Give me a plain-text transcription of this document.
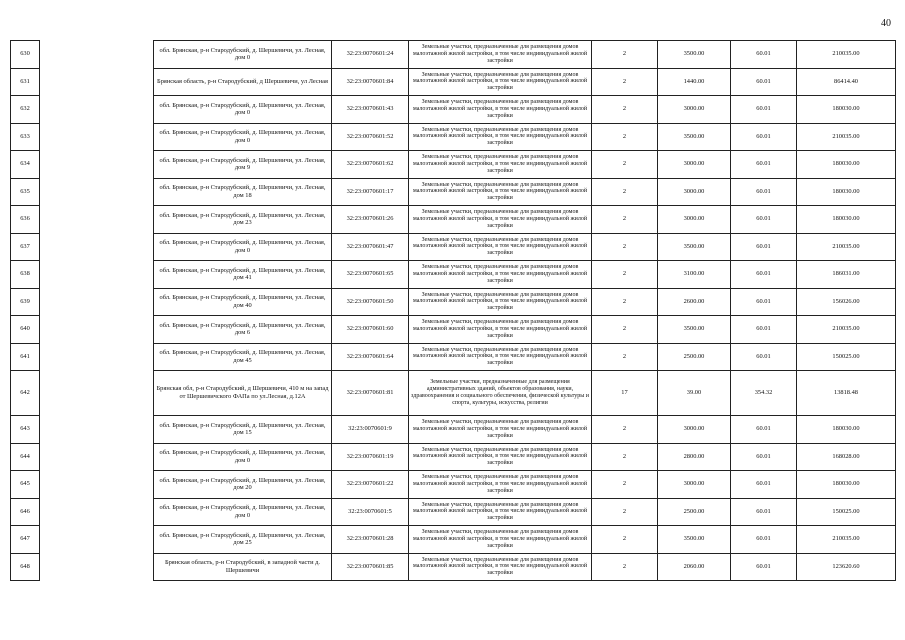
40
630		обл. Брянская, р-н Стародубский, д. Шершевичи, ул. Лесная, дом 0	32:23:0070601:24	Земельные участки, предназначенные для размещения домов малоэтажной жилой застройки, в том числе индивидуальной жилой застройки	2	3500.00	60.01	210035.00
631		Брянская область, р-н Стародубский, д Шершевичи, ул Лесная	32:23:0070601:84	Земельные участки, предназначенные для размещения домов малоэтажной жилой застройки, в том числе индивидуальной жилой застройки	2	1440.00	60.01	86414.40
632		обл. Брянская, р-н Стародубский, д. Шершевичи, ул. Лесная, дом 0	32:23:0070601:43	Земельные участки, предназначенные для размещения домов малоэтажной жилой застройки, в том числе индивидуальной жилой застройки	2	3000.00	60.01	180030.00
633		обл. Брянская, р-н Стародубский, д. Шершевичи, ул. Лесная, дом 0	32:23:0070601:52	Земельные участки, предназначенные для размещения домов малоэтажной жилой застройки, в том числе индивидуальной жилой застройки	2	3500.00	60.01	210035.00
634		обл. Брянская, р-н Стародубский, д. Шершевичи, ул. Лесная, дом 9	32:23:0070601:62	Земельные участки, предназначенные для размещения домов малоэтажной жилой застройки, в том числе индивидуальной жилой застройки	2	3000.00	60.01	180030.00
635		обл. Брянская, р-н Стародубский, д. Шершевичи, ул. Лесная, дом 18	32:23:0070601:17	Земельные участки, предназначенные для размещения домов малоэтажной жилой застройки, в том числе индивидуальной жилой застройки	2	3000.00	60.01	180030.00
636		обл. Брянская, р-н Стародубский, д. Шершевичи, ул. Лесная, дом 23	32:23:0070601:26	Земельные участки, предназначенные для размещения домов малоэтажной жилой застройки, в том числе индивидуальной жилой застройки	2	3000.00	60.01	180030.00
637		обл. Брянская, р-н Стародубский, д. Шершевичи, ул. Лесная, дом 0	32:23:0070601:47	Земельные участки, предназначенные для размещения домов малоэтажной жилой застройки, в том числе индивидуальной жилой застройки	2	3500.00	60.01	210035.00
638		обл. Брянская, р-н Стародубский, д. Шершевичи, ул. Лесная, дом 41	32:23:0070601:65	Земельные участки, предназначенные для размещения домов малоэтажной жилой застройки, в том числе индивидуальной жилой застройки	2	3100.00	60.01	186031.00
639		обл. Брянская, р-н Стародубский, д. Шершевичи, ул. Лесная, дом 40	32:23:0070601:50	Земельные участки, предназначенные для размещения домов малоэтажной жилой застройки, в том числе индивидуальной жилой застройки	2	2600.00	60.01	156026.00
640		обл. Брянская, р-н Стародубский, д. Шершевичи, ул. Лесная, дом 6	32:23:0070601:60	Земельные участки, предназначенные для размещения домов малоэтажной жилой застройки, в том числе индивидуальной жилой застройки	2	3500.00	60.01	210035.00
641		обл. Брянская, р-н Стародубский, д. Шершевичи, ул. Лесная, дом 45	32:23:0070601:64	Земельные участки, предназначенные для размещения домов малоэтажной жилой застройки, в том числе индивидуальной жилой застройки	2	2500.00	60.01	150025.00
642		Брянская обл, р-н Стародубский, д Шершевичи, 410 м на запад от Шершевичского ФАПа по ул.Лесная, д.12А	32:23:0070601:81	Земельные участки, предназначенные для размещения административных зданий, объектов образования, науки, здравоохранения и социального обеспечения, физической культуры и спорта, культуры, искусства, религии	17	39.00	354.32	13818.48
643		обл. Брянская, р-н Стародубский, д. Шершевичи, ул. Лесная, дом 15	32:23:0070601:9	Земельные участки, предназначенные для размещения домов малоэтажной жилой застройки, в том числе индивидуальной жилой застройки	2	3000.00	60.01	180030.00
644		обл. Брянская, р-н Стародубский, д. Шершевичи, ул. Лесная, дом 0	32:23:0070601:19	Земельные участки, предназначенные для размещения домов малоэтажной жилой застройки, в том числе индивидуальной жилой застройки	2	2800.00	60.01	168028.00
645		обл. Брянская, р-н Стародубский, д. Шершевичи, ул. Лесная, дом 20	32:23:0070601:22	Земельные участки, предназначенные для размещения домов малоэтажной жилой застройки, в том числе индивидуальной жилой застройки	2	3000.00	60.01	180030.00
646		обл. Брянская, р-н Стародубский, д. Шершевичи, ул. Лесная, дом 0	32:23:0070601:5	Земельные участки, предназначенные для размещения домов малоэтажной жилой застройки, в том числе индивидуальной жилой застройки	2	2500.00	60.01	150025.00
647		обл. Брянская, р-н Стародубский, д. Шершевичи, ул. Лесная, дом 25	32:23:0070601:28	Земельные участки, предназначенные для размещения домов малоэтажной жилой застройки, в том числе индивидуальной жилой застройки	2	3500.00	60.01	210035.00
648		Брянская область, р-н Стародубский, в западной части д. Шершевичи	32:23:0070601:85	Земельные участки, предназначенные для размещения домов малоэтажной жилой застройки, в том числе индивидуальной жилой застройки	2	2060.00	60.01	123620.60
